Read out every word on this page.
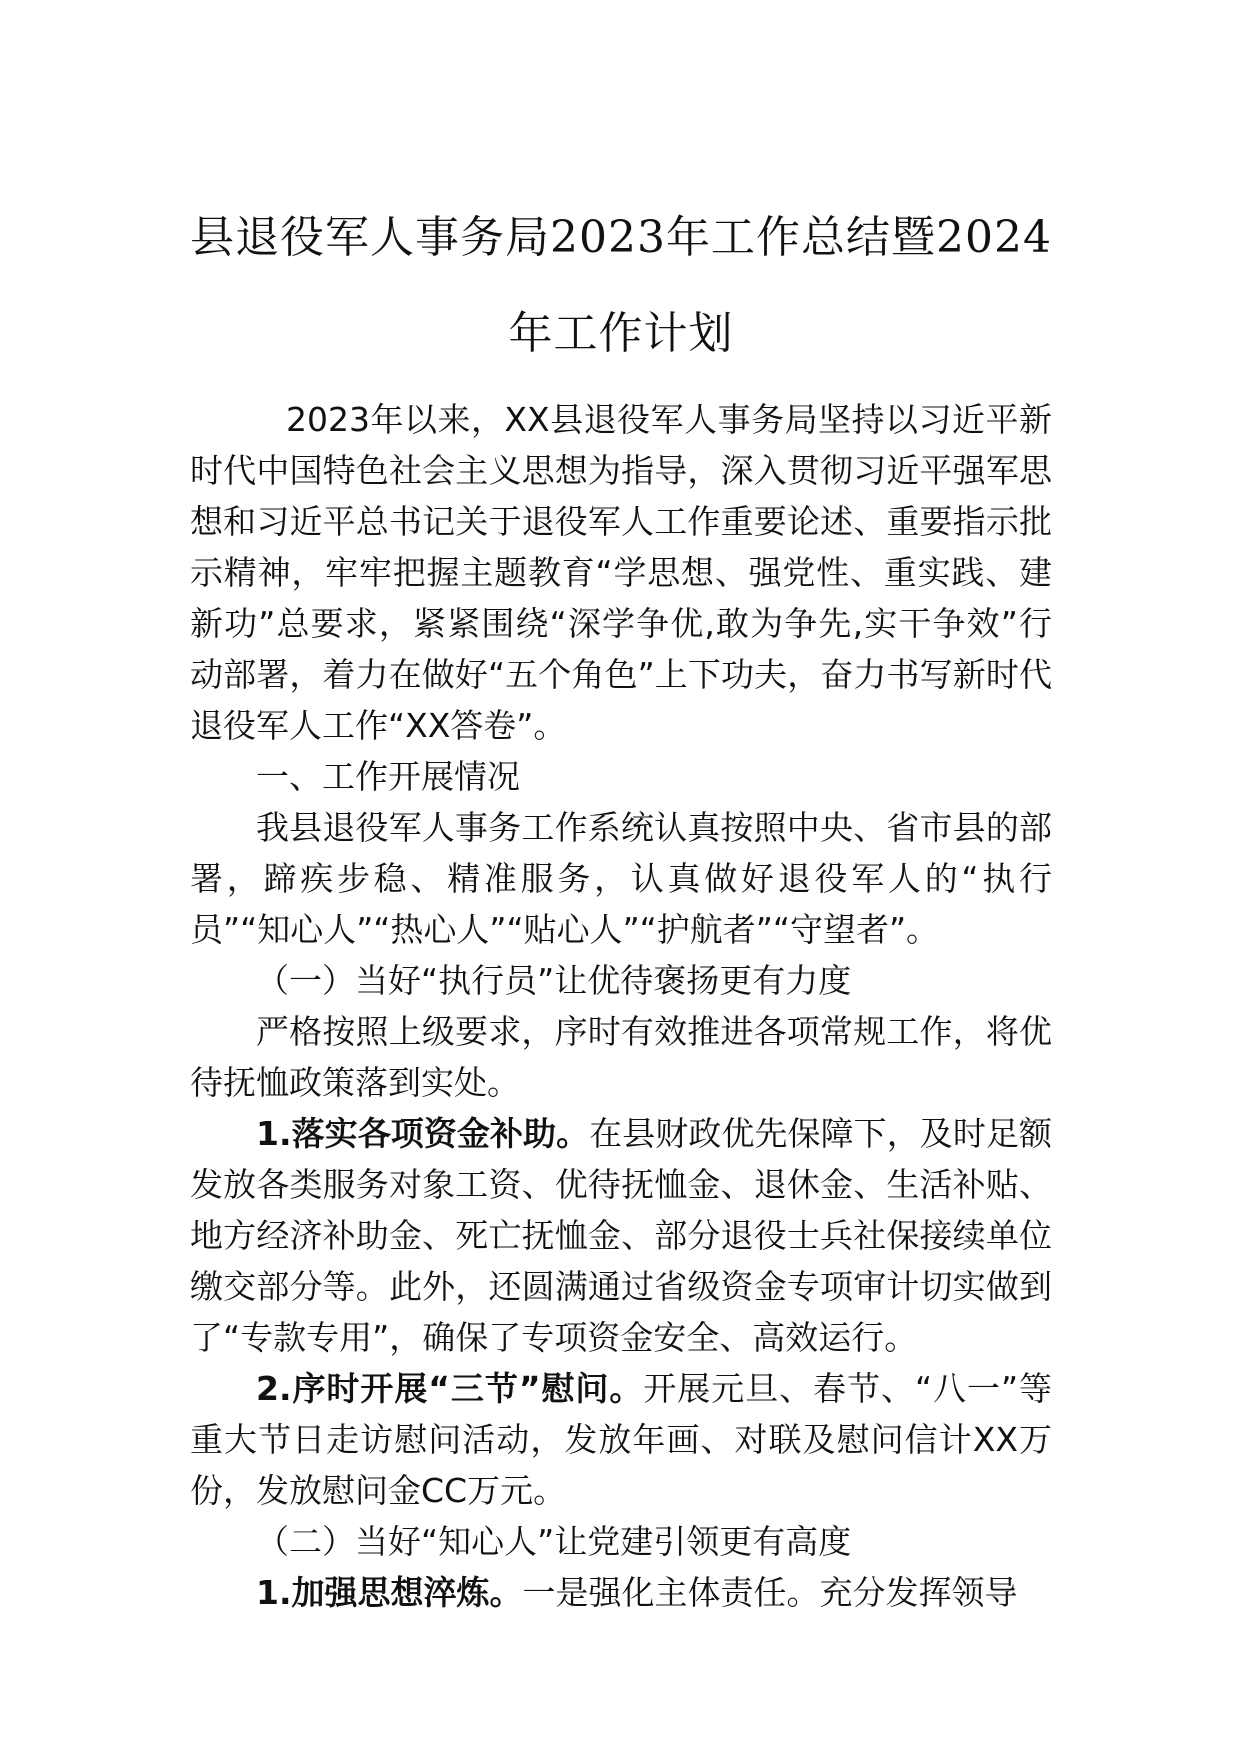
县退役军人事务局2023年工作总结暨2024
年工作计划

2023年以来，XX县退役军人事务局坚持以习近平新时代中国特色社会主义思想为指导，深入贯彻习近平强军思想和习近平总书记关于退役军人工作重要论述、重要指示批示精神，牢牢把握主题教育“学思想、强党性、重实践、建新功”总要求，紧紧围绕“深学争优,敢为争先,实干争效”行动部署，着力在做好“五个角色”上下功夫，奋力书写新时代退役军人工作“XX答卷”。

一、工作开展情况

我县退役军人事务工作系统认真按照中央、省市县的部署，蹄疾步稳、精准服务，认真做好退役军人的“执行员”“知心人”“热心人”“贴心人”“护航者”“守望者”。

（一）当好“执行员”让优待褒扬更有力度

严格按照上级要求，序时有效推进各项常规工作，将优待抚恤政策落到实处。

1.落实各项资金补助。在县财政优先保障下，及时足额发放各类服务对象工资、优待抚恤金、退休金、生活补贴、地方经济补助金、死亡抚恤金、部分退役士兵社保接续单位缴交部分等。此外，还圆满通过省级资金专项审计切实做到了“专款专用”，确保了专项资金安全、高效运行。

2.序时开展“三节”慰问。开展元旦、春节、“八一”等重大节日走访慰问活动，发放年画、对联及慰问信计XX万份，发放慰问金CC万元。

（二）当好“知心人”让党建引领更有高度

1.加强思想淬炼。一是强化主体责任。充分发挥领导
